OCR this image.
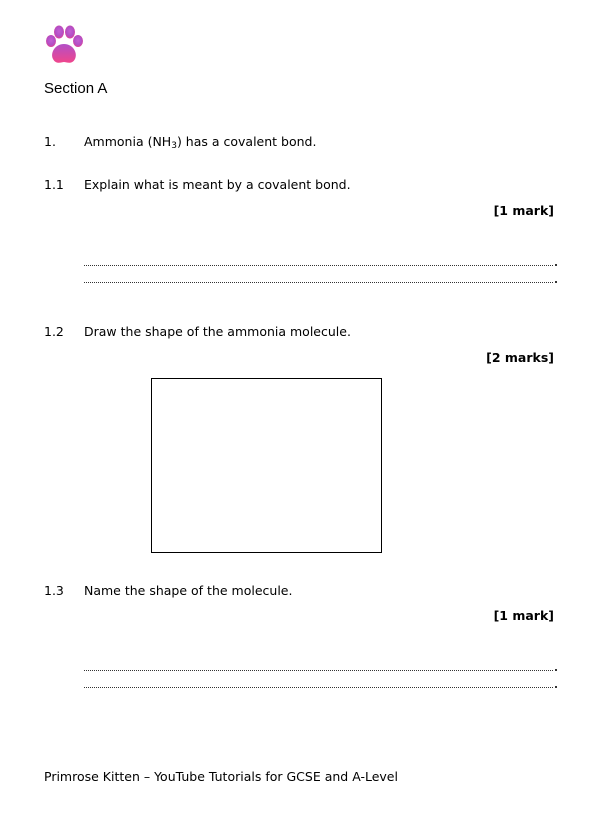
Section A
1. Ammonia $(NH_3)$ has a covalent bond.
1.1 Explain what is meant by a covalent bond.
[1 mark]
1.2 Draw the shape of the ammonia molecule.
[2 marks]
1.3 Name the shape of the molecule.
[1 mark]
Primrose Kitten – YouTube Tutorials for GCSE and A-Level
